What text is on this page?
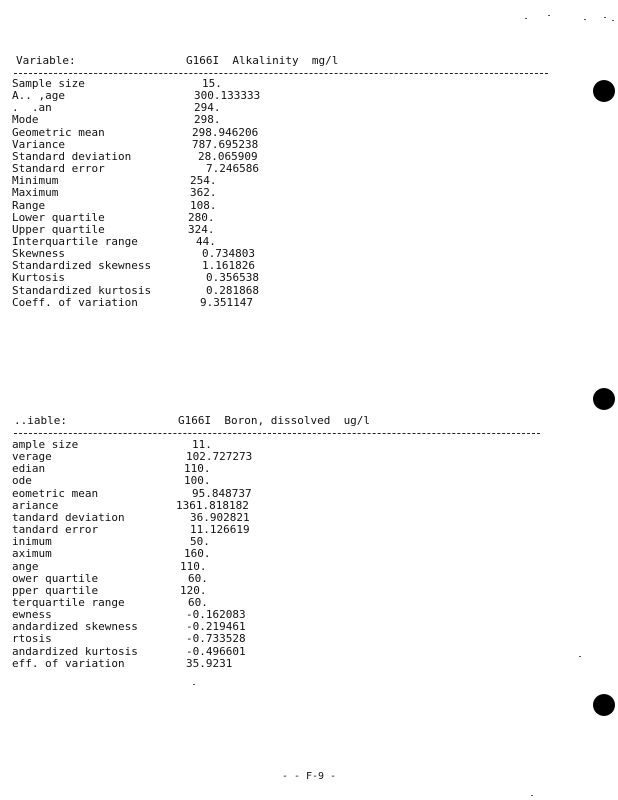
Variable:

	G166I  Alkalinity  mg/l

Sample size	15.
A.. ,age	300.133333
.  .an	294.
Mode	298.
Geometric mean	298.946206
Variance	787.695238
Standard deviation	28.065909
Standard error	7.246586
Minimum	254.
Maximum	362.
Range	108.
Lower quartile	280.
Upper quartile	324.
Interquartile range	44.
Skewness	0.734803
Standardized skewness	1.161826
Kurtosis	0.356538
Standardized kurtosis	0.281868
Coeff. of variation	9.351147

..iable:

	G166I  Boron, dissolved  ug/l

ample size	11.
verage	102.727273
edian	110.
ode	100.
eometric mean	95.848737
ariance	1361.818182
tandard deviation	36.902821
tandard error	11.126619
inimum	50.
aximum	160.
ange	110.
ower quartile	60.
pper quartile	120.
terquartile range	60.
ewness	-0.162083
andardized skewness	-0.219461
rtosis	-0.733528
andardized kurtosis	-0.496601
eff. of variation	35.9231
- - F-9 -
